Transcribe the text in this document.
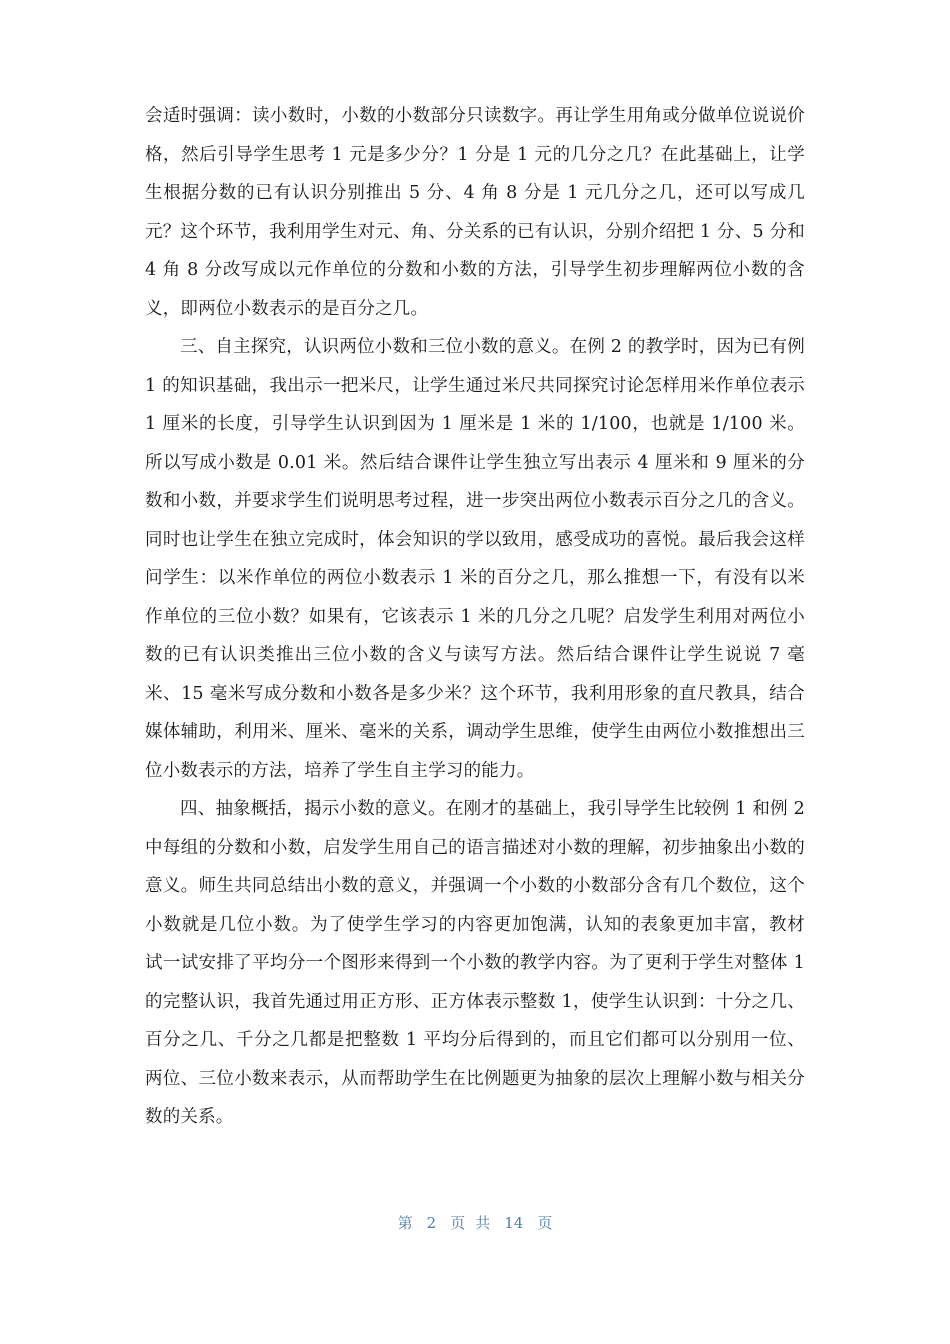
会适时强调：读小数时，小数的小数部分只读数字。再让学生用角或分做单位说说价格，然后引导学生思考 1 元是多少分？1 分是 1 元的几分之几？在此基础上，让学生根据分数的已有认识分别推出 5 分、4 角 8 分是 1 元几分之几，还可以写成几元？这个环节，我利用学生对元、角、分关系的已有认识，分别介绍把 1 分、5 分和 4 角 8 分改写成以元作单位的分数和小数的方法，引导学生初步理解两位小数的含义，即两位小数表示的是百分之几。

三、自主探究，认识两位小数和三位小数的意义。在例 2 的教学时，因为已有例 1 的知识基础，我出示一把米尺，让学生通过米尺共同探究讨论怎样用米作单位表示 1 厘米的长度，引导学生认识到因为 1 厘米是 1 米的 1/100，也就是 1/100 米。所以写成小数是 0.01 米。然后结合课件让学生独立写出表示 4 厘米和 9 厘米的分数和小数，并要求学生们说明思考过程，进一步突出两位小数表示百分之几的含义。同时也让学生在独立完成时，体会知识的学以致用，感受成功的喜悦。最后我会这样问学生：以米作单位的两位小数表示 1 米的百分之几，那么推想一下，有没有以米作单位的三位小数？如果有，它该表示 1 米的几分之几呢？启发学生利用对两位小数的已有认识类推出三位小数的含义与读写方法。然后结合课件让学生说说 7 毫米、15 毫米写成分数和小数各是多少米？这个环节，我利用形象的直尺教具，结合媒体辅助，利用米、厘米、毫米的关系，调动学生思维，使学生由两位小数推想出三位小数表示的方法，培养了学生自主学习的能力。

四、抽象概括，揭示小数的意义。在刚才的基础上，我引导学生比较例 1 和例 2 中每组的分数和小数，启发学生用自己的语言描述对小数的理解，初步抽象出小数的意义。师生共同总结出小数的意义，并强调一个小数的小数部分含有几个数位，这个小数就是几位小数。为了使学生学习的内容更加饱满，认知的表象更加丰富，教材 试一试安排了平均分一个图形来得到一个小数的教学内容。为了更利于学生对整体 1 的完整认识，我首先通过用正方形、正方体表示整数 1，使学生认识到：十分之几、百分之几、千分之几都是把整数 1 平均分后得到的，而且它们都可以分别用一位、两位、三位小数来表示，从而帮助学生在比例题更为抽象的层次上理解小数与相关分数的关系。

第 2 页共 14 页
